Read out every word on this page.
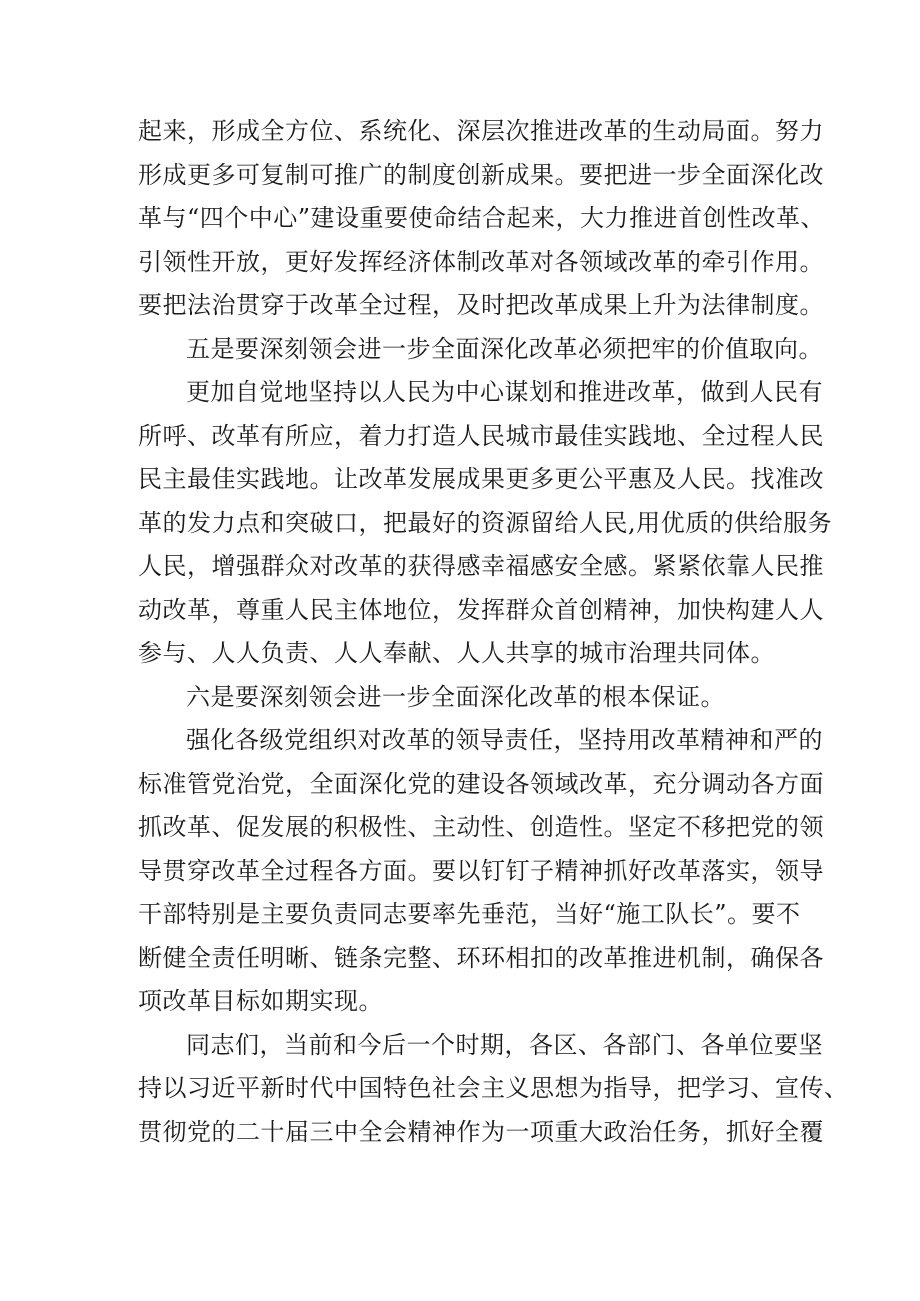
起来，形成全方位、系统化、深层次推进改革的生动局面。努力
形成更多可复制可推广的制度创新成果。要把进一步全面深化改
革与“四个中心”建设重要使命结合起来，大力推进首创性改革、
引领性开放，更好发挥经济体制改革对各领域改革的牵引作用。
要把法治贯穿于改革全过程，及时把改革成果上升为法律制度。
五是要深刻领会进一步全面深化改革必须把牢的价值取向。
更加自觉地坚持以人民为中心谋划和推进改革，做到人民有
所呼、改革有所应，着力打造人民城市最佳实践地、全过程人民
民主最佳实践地。让改革发展成果更多更公平惠及人民。找准改
革的发力点和突破口，把最好的资源留给人民,用优质的供给服务
人民，增强群众对改革的获得感幸福感安全感。紧紧依靠人民推
动改革，尊重人民主体地位，发挥群众首创精神，加快构建人人
参与、人人负责、人人奉献、人人共享的城市治理共同体。
六是要深刻领会进一步全面深化改革的根本保证。
强化各级党组织对改革的领导责任，坚持用改革精神和严的
标准管党治党，全面深化党的建设各领域改革，充分调动各方面
抓改革、促发展的积极性、主动性、创造性。坚定不移把党的领
导贯穿改革全过程各方面。要以钉钉子精神抓好改革落实，领导
干部特别是主要负责同志要率先垂范，当好“施工队长”。要不
断健全责任明晰、链条完整、环环相扣的改革推进机制，确保各
项改革目标如期实现。
同志们，当前和今后一个时期，各区、各部门、各单位要坚
持以习近平新时代中国特色社会主义思想为指导，把学习、宣传、
贯彻党的二十届三中全会精神作为一项重大政治任务，抓好全覆
